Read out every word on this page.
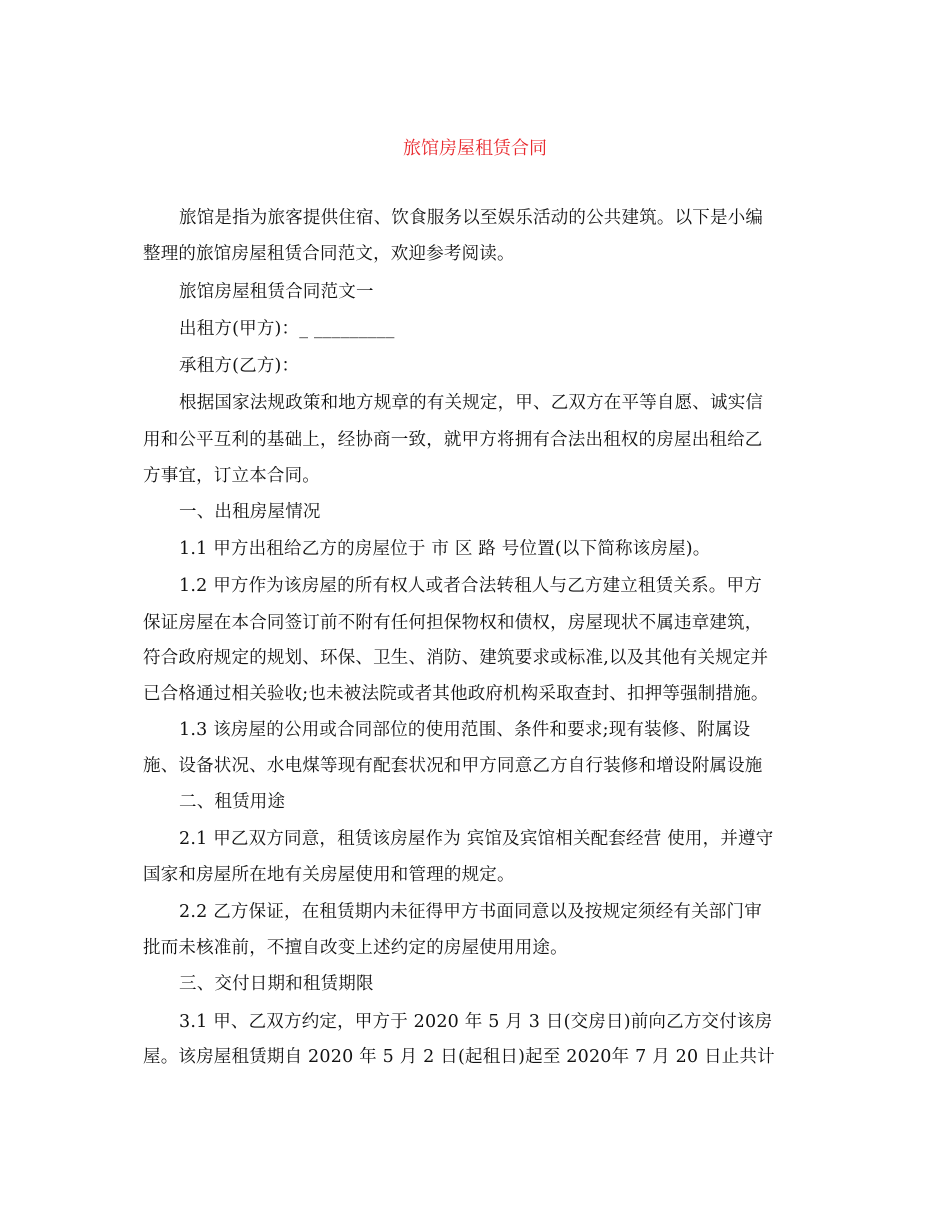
旅馆房屋租赁合同
旅馆是指为旅客提供住宿、饮食服务以至娱乐活动的公共建筑。以下是小编
整理的旅馆房屋租赁合同范文，欢迎参考阅读。
旅馆房屋租赁合同范文一
出租方(甲方)：_ _________
承租方(乙方)：
根据国家法规政策和地方规章的有关规定，甲、乙双方在平等自愿、诚实信
用和公平互利的基础上，经协商一致，就甲方将拥有合法出租权的房屋出租给乙
方事宜，订立本合同。
一、出租房屋情况
1.1 甲方出租给乙方的房屋位于 市 区 路 号位置(以下简称该房屋)。
1.2 甲方作为该房屋的所有权人或者合法转租人与乙方建立租赁关系。甲方
保证房屋在本合同签订前不附有任何担保物权和债权，房屋现状不属违章建筑，
符合政府规定的规划、环保、卫生、消防、建筑要求或标准,以及其他有关规定并
已合格通过相关验收;也未被法院或者其他政府机构采取查封、扣押等强制措施。
1.3 该房屋的公用或合同部位的使用范围、条件和要求;现有装修、附属设
施、设备状况、水电煤等现有配套状况和甲方同意乙方自行装修和增设附属设施
二、租赁用途
2.1 甲乙双方同意，租赁该房屋作为 宾馆及宾馆相关配套经营 使用，并遵守
国家和房屋所在地有关房屋使用和管理的规定。
2.2 乙方保证，在租赁期内未征得甲方书面同意以及按规定须经有关部门审
批而未核准前，不擅自改变上述约定的房屋使用用途。
三、交付日期和租赁期限
3.1 甲、乙双方约定，甲方于 2020 年 5 月 3 日(交房日)前向乙方交付该房
屋。该房屋租赁期自 2020 年 5 月 2 日(起租日)起至 2020年 7 月 20 日止共计
